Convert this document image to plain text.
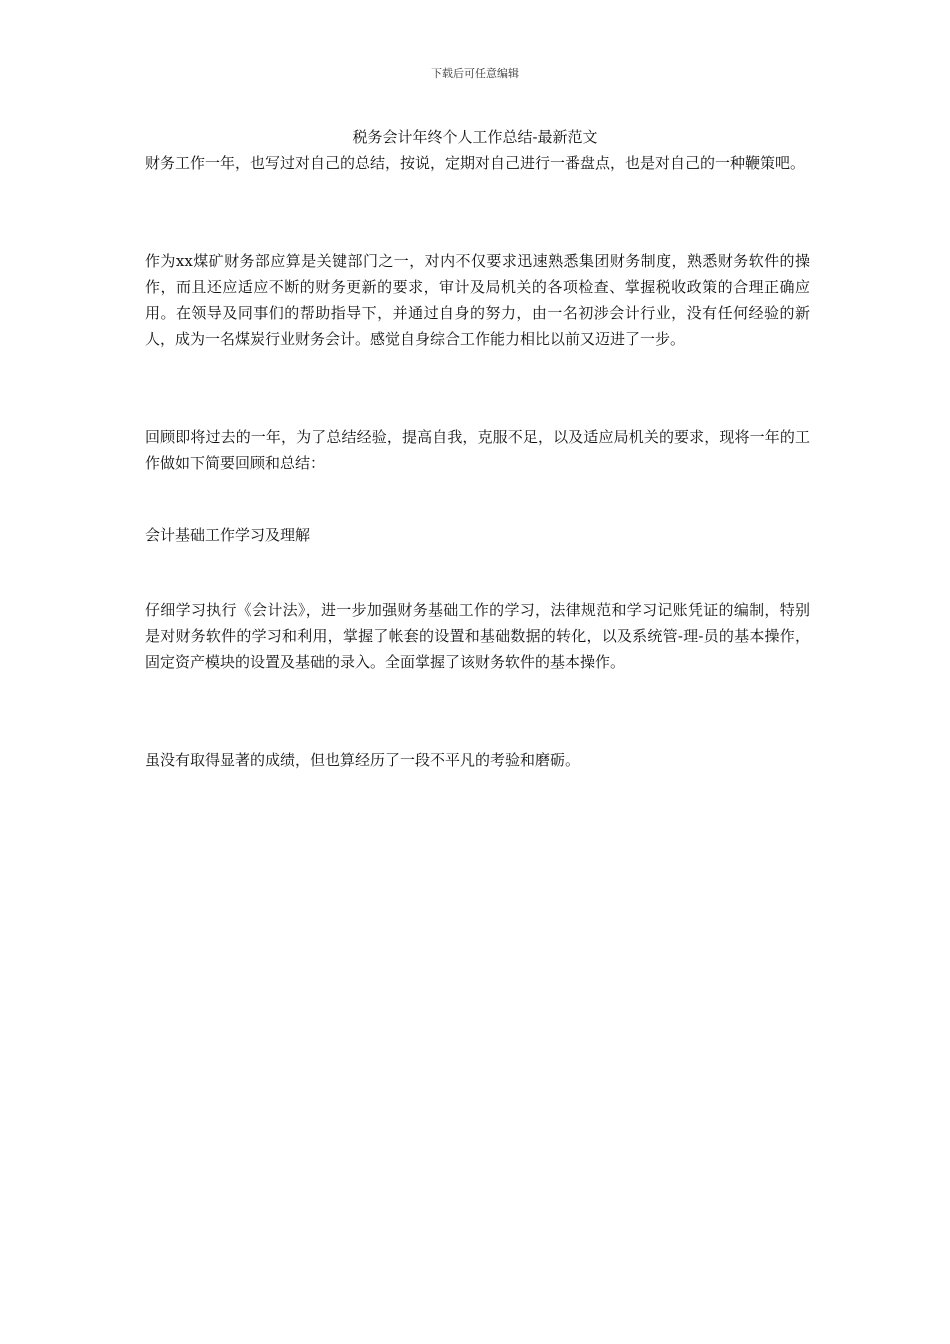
下载后可任意编辑
税务会计年终个人工作总结-最新范文

财务工作一年，也写过对自己的总结，按说，定期对自己进行一番盘点，也是对自己的一种鞭策吧。

作为xx煤矿财务部应算是关键部门之一，对内不仅要求迅速熟悉集团财务制度，熟悉财务软件的操作，而且还应适应不断的财务更新的要求，审计及局机关的各项检查、掌握税收政策的合理正确应用。在领导及同事们的帮助指导下，并通过自身的努力，由一名初涉会计行业，没有任何经验的新人，成为一名煤炭行业财务会计。感觉自身综合工作能力相比以前又迈进了一步。

回顾即将过去的一年，为了总结经验，提高自我，克服不足，以及适应局机关的要求，现将一年的工作做如下简要回顾和总结：

会计基础工作学习及理解

仔细学习执行《会计法》，进一步加强财务基础工作的学习，法律规范和学习记账凭证的编制，特别是对财务软件的学习和利用，掌握了帐套的设置和基础数据的转化，以及系统管-理-员的基本操作，固定资产模块的设置及基础的录入。全面掌握了该财务软件的基本操作。

虽没有取得显著的成绩，但也算经历了一段不平凡的考验和磨砺。
